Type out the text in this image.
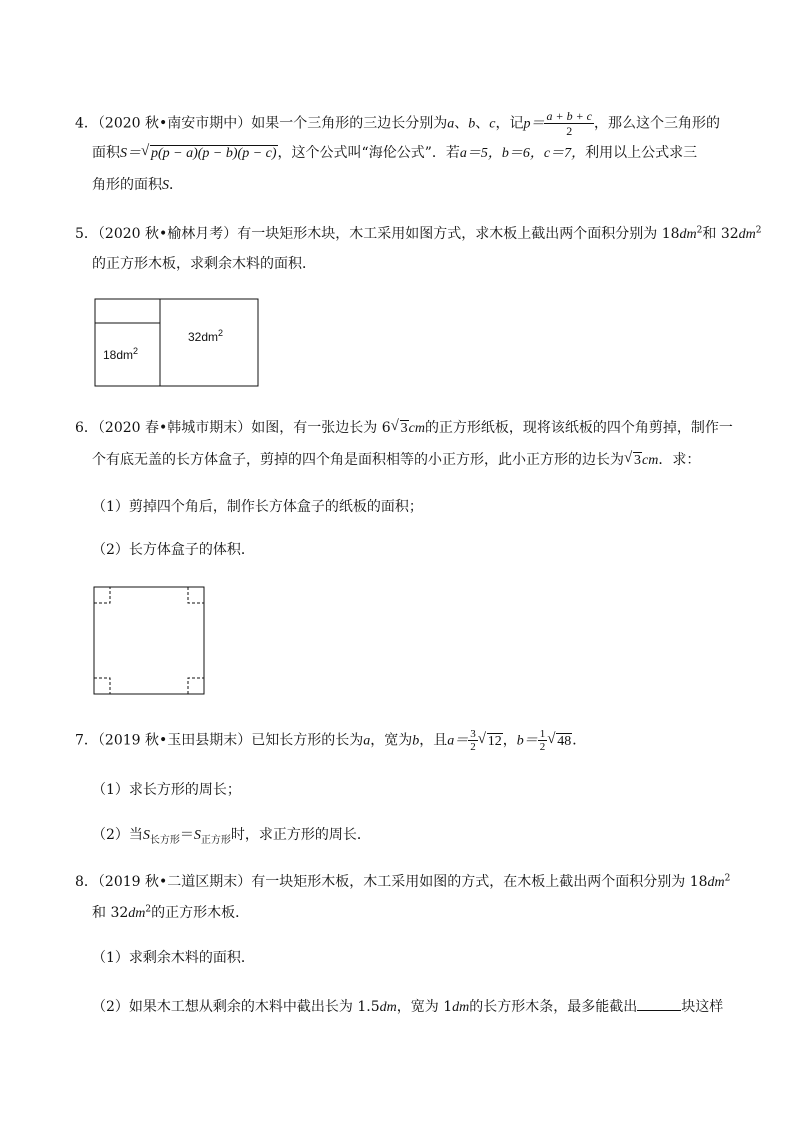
4．（2020 秋•南安市期中）如果一个三角形的三边长分别为a、b、c，记$p= \frac{a + b + c}{2}$ ，那么这个三角形的
面积S＝ √ p(p − a)(p − b)(p − c)，这个公式叫“海伦公式”．若a＝5，b＝6，c＝7，利用以上公式求三
角形的面积S．
5．（2020 秋•榆林月考）有一块矩形木块，木工采用如图方式，求木板上截出两个面积分别为 $18dm^2$和 $32dm^2$
的正方形木板，求剩余木料的面积．
$18dm^2$
$32dm^2$
6．（2020 春•韩城市期末）如图，有一张边长为 6 √ 3cm的正方形纸板，现将该纸板的四个角剪掉，制作一
个有底无盖的长方体盒子，剪掉的四个角是面积相等的小正方形，此小正方形的边长为 √ 3cm．求：
（1）剪掉四个角后，制作长方体盒子的纸板的面积；
（2）长方体盒子的体积．
7．（2019 秋•玉田县期末）已知长方形的长为a，宽为b，且$a= \frac{3}{2}$ √ 12，$b= \frac{1}{2}$ √ 48．
（1）求长方形的周长；
（2）当$S_{长方形}=S_{正方形}$时，求正方形的周长．
8．（2019 秋•二道区期末）有一块矩形木板，木工采用如图的方式，在木板上截出两个面积分别为 $18dm^2$
和 $32dm^2$的正方形木板．
（1）求剩余木料的面积．
（2）如果木工想从剩余的木料中截出长为 1.5dm，宽为 1dm的长方形木条，最多能截出	块这样
